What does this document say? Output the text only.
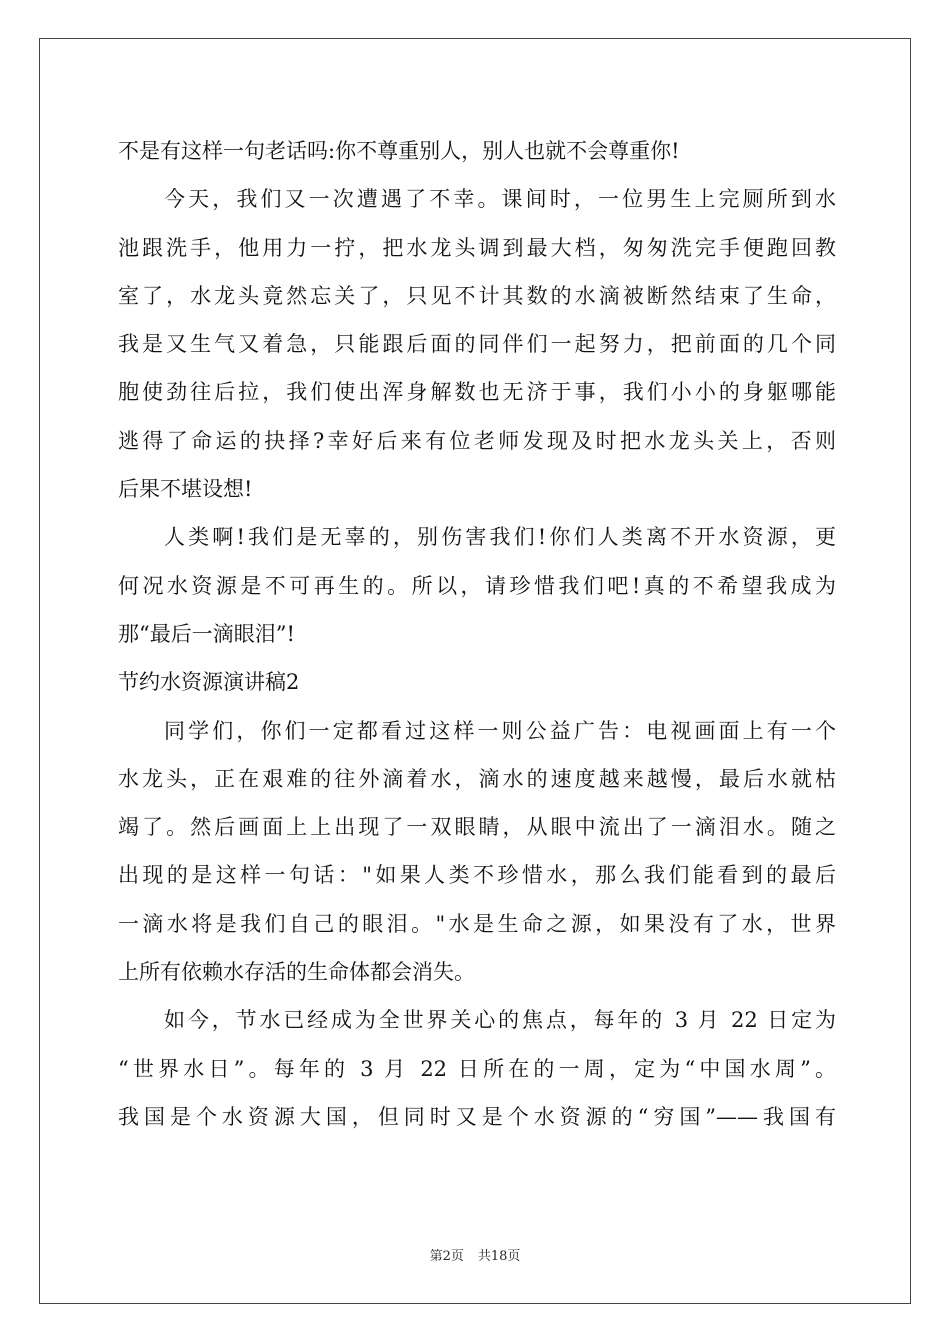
不是有这样一句老话吗:你不尊重别人，别人也就不会尊重你!
今天，我们又一次遭遇了不幸。课间时，一位男生上完厕所到水
池跟洗手，他用力一拧，把水龙头调到最大档，匆匆洗完手便跑回教
室了，水龙头竟然忘关了，只见不计其数的水滴被断然结束了生命，
我是又生气又着急，只能跟后面的同伴们一起努力，把前面的几个同
胞使劲往后拉，我们使出浑身解数也无济于事，我们小小的身躯哪能
逃得了命运的抉择?幸好后来有位老师发现及时把水龙头关上，否则
后果不堪设想!
人类啊!我们是无辜的，别伤害我们!你们人类离不开水资源，更
何况水资源是不可再生的。所以，请珍惜我们吧!真的不希望我成为
那“最后一滴眼泪”!
节约水资源演讲稿2
同学们，你们一定都看过这样一则公益广告：电视画面上有一个
水龙头，正在艰难的往外滴着水，滴水的速度越来越慢，最后水就枯
竭了。然后画面上上出现了一双眼睛，从眼中流出了一滴泪水。随之
出现的是这样一句话："如果人类不珍惜水，那么我们能看到的最后
一滴水将是我们自己的眼泪。"水是生命之源，如果没有了水，世界
上所有依赖水存活的生命体都会消失。
如今，节水已经成为全世界关心的焦点，每年的 3 月 22 日定为
“世界水日”。每年的 3 月 22 日所在的一周，定为“中国水周”。
我国是个水资源大国，但同时又是个水资源的“穷国”——我国有
第2页 共18页
